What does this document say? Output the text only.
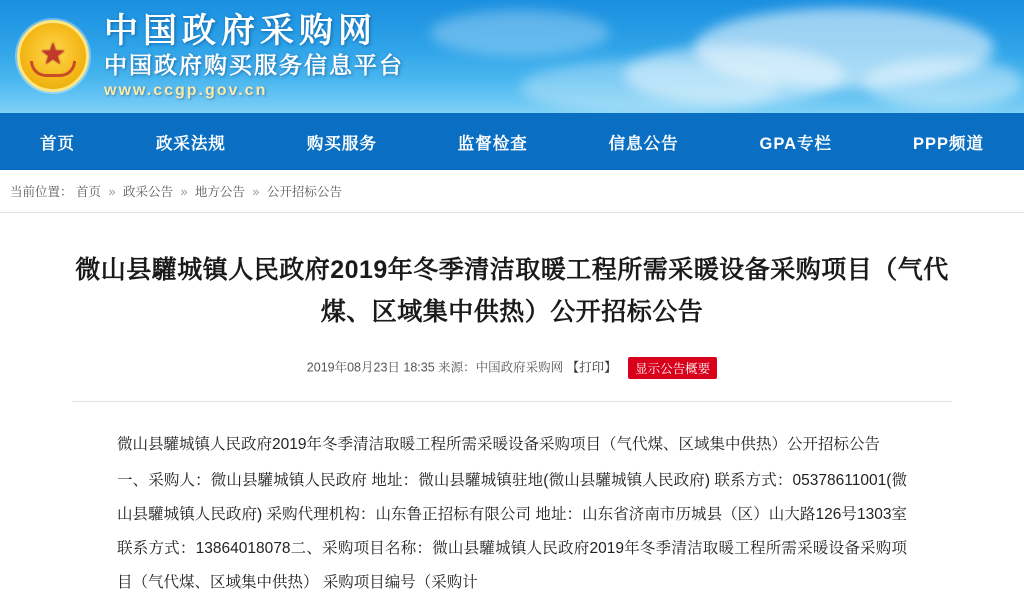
★
中国政府采购网
中国政府购买服务信息平台
www.ccgp.gov.cn
首页	政采法规	购买服务	监督检查	信息公告	GPA专栏	PPP频道
当前位置： 首页 » 政采公告 » 地方公告 » 公开招标公告
微山县驩城镇人民政府2019年冬季清洁取暖工程所需采暖设备采购项目（气代煤、区域集中供热）公开招标公告
2019年08月23日 18:35 来源：中国政府采购网 【打印】 显示公告概要

微山县驩城镇人民政府2019年冬季清洁取暖工程所需采暖设备采购项目（气代煤、区域集中供热）公开招标公告

一、采购人：微山县驩城镇人民政府 地址：微山县驩城镇驻地(微山县驩城镇人民政府) 联系方式：05378611001(微山县驩城镇人民政府) 采购代理机构：山东鲁正招标有限公司 地址：山东省济南市历城县（区）山大路126号1303室 联系方式：13864018078二、采购项目名称：微山县驩城镇人民政府2019年冬季清洁取暖工程所需采暖设备采购项目（气代煤、区域集中供热） 采购项目编号（采购计
